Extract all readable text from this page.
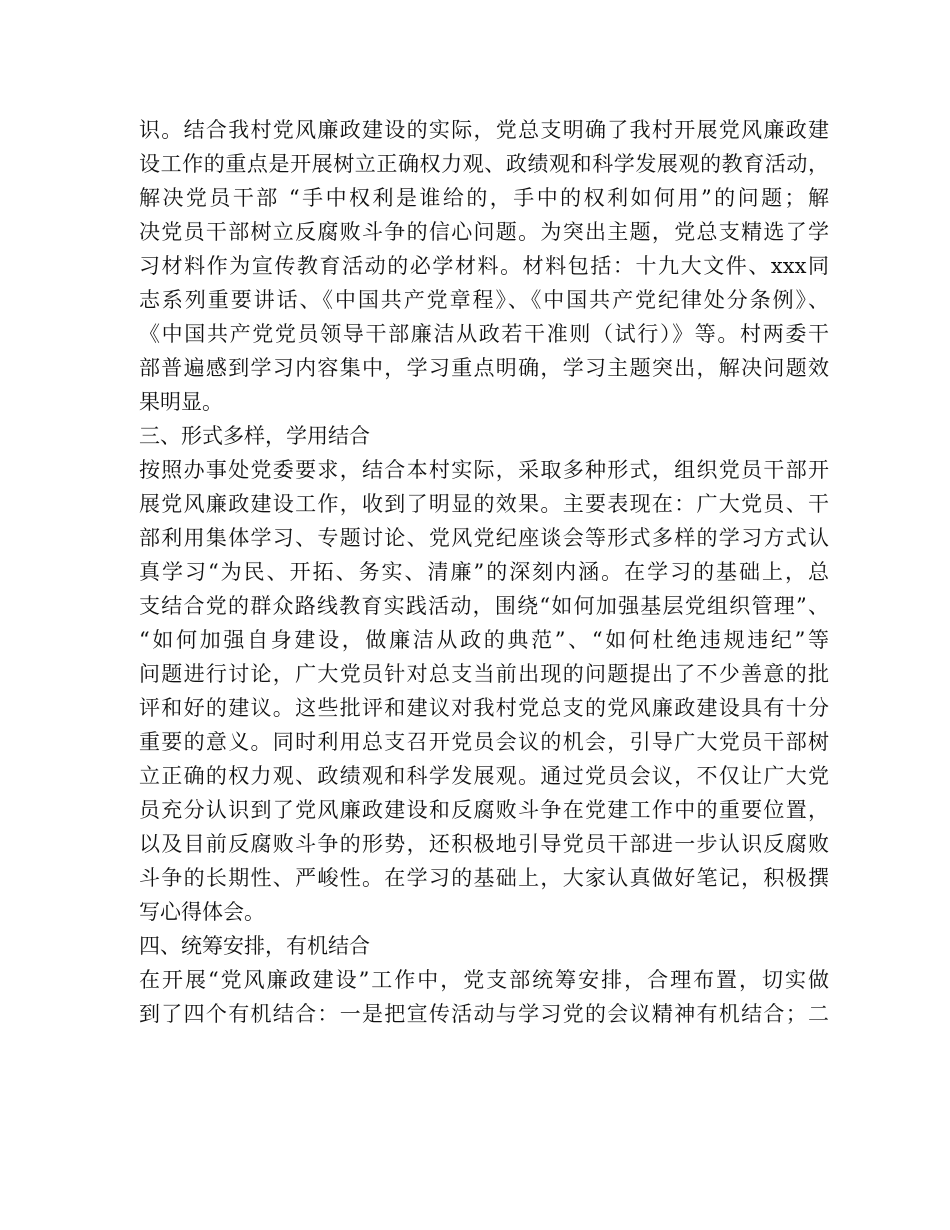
识。结合我村党风廉政建设的实际，党总支明确了我村开展党风廉政建
设工作的重点是开展树立正确权力观、政绩观和科学发展观的教育活动，
解决党员干部 “手中权利是谁给的，手中的权利如何用”的问题；解
决党员干部树立反腐败斗争的信心问题。为突出主题，党总支精选了学
习材料作为宣传教育活动的必学材料。材料包括：十九大文件、xxx同
志系列重要讲话、《中国共产党章程》、《中国共产党纪律处分条例》、
《中国共产党党员领导干部廉洁从政若干准则（试行）》等。村两委干
部普遍感到学习内容集中，学习重点明确，学习主题突出，解决问题效
果明显。
三、形式多样，学用结合
按照办事处党委要求，结合本村实际，采取多种形式，组织党员干部开
展党风廉政建设工作，收到了明显的效果。主要表现在：广大党员、干
部利用集体学习、专题讨论、党风党纪座谈会等形式多样的学习方式认
真学习“为民、开拓、务实、清廉”的深刻内涵。在学习的基础上，总
支结合党的群众路线教育实践活动，围绕“如何加强基层党组织管理”、
“如何加强自身建设，做廉洁从政的典范”、“如何杜绝违规违纪”等
问题进行讨论，广大党员针对总支当前出现的问题提出了不少善意的批
评和好的建议。这些批评和建议对我村党总支的党风廉政建设具有十分
重要的意义。同时利用总支召开党员会议的机会，引导广大党员干部树
立正确的权力观、政绩观和科学发展观。通过党员会议，不仅让广大党
员充分认识到了党风廉政建设和反腐败斗争在党建工作中的重要位置，
以及目前反腐败斗争的形势，还积极地引导党员干部进一步认识反腐败
斗争的长期性、严峻性。在学习的基础上，大家认真做好笔记，积极撰
写心得体会。
四、统筹安排，有机结合
在开展“党风廉政建设”工作中，党支部统筹安排，合理布置，切实做
到了四个有机结合：一是把宣传活动与学习党的会议精神有机结合；二
